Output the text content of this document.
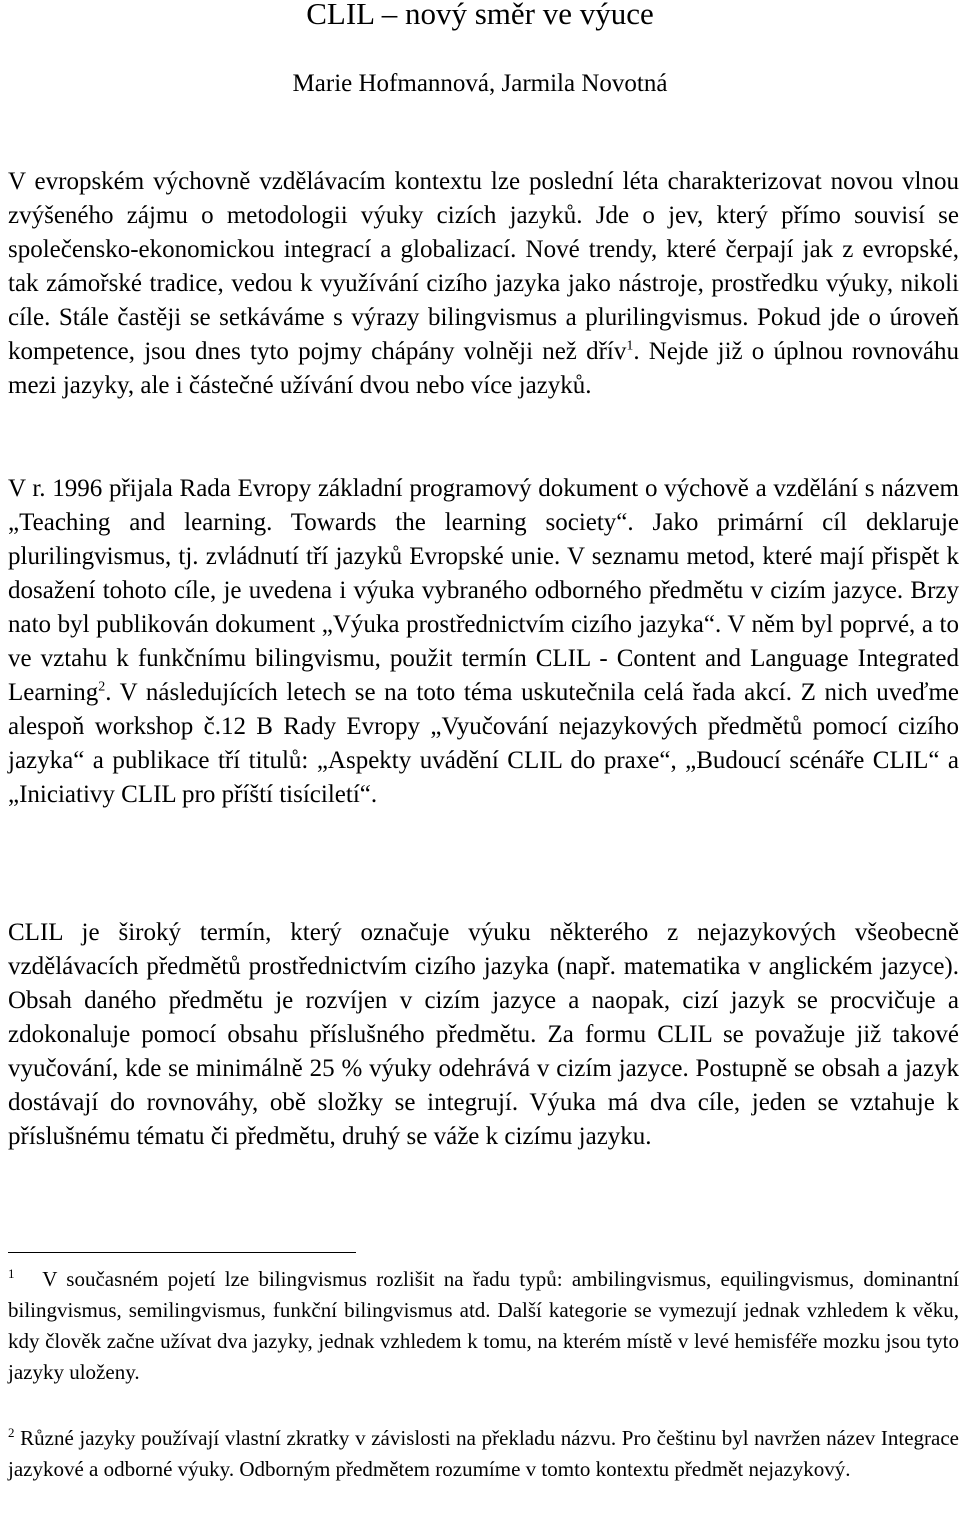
CLIL – nový směr ve výuce

Marie Hofmannová, Jarmila Novotná

V evropském výchovně vzdělávacím kontextu lze poslední léta charakterizovat novou vlnou zvýšeného zájmu o metodologii výuky cizích jazyků. Jde o jev, který přímo souvisí se společensko-ekonomickou integrací a globalizací. Nové trendy, které čerpají jak z evropské, tak zámořské tradice, vedou k využívání cizího jazyka jako nástroje, prostředku výuky, nikoli cíle. Stále častěji se setkáváme s výrazy bilingvismus a plurilingvismus. Pokud jde o úroveň kompetence, jsou dnes tyto pojmy chápány volněji než dřív$^1$. Nejde již o úplnou rovnováhu mezi jazyky, ale i částečné užívání dvou nebo více jazyků.

V r. 1996 přijala Rada Evropy základní programový dokument o výchově a vzdělání s názvem „Teaching and learning. Towards the learning society“. Jako primární cíl deklaruje plurilingvismus, tj. zvládnutí tří jazyků Evropské unie. V seznamu metod, které mají přispět k dosažení tohoto cíle, je uvedena i výuka vybraného odborného předmětu v cizím jazyce. Brzy nato byl publikován dokument „Výuka prostřednictvím cizího jazyka“. V něm byl poprvé, a to ve vztahu k funkčnímu bilingvismu, použit termín CLIL - Content and Language Integrated Learning$^2$. V následujících letech se na toto téma uskutečnila celá řada akcí. Z nich uveďme alespoň workshop č.12 B Rady Evropy „Vyučování nejazykových předmětů pomocí cizího jazyka“ a publikace tří titulů: „Aspekty uvádění CLIL do praxe“, „Budoucí scénáře CLIL“ a „Iniciativy CLIL pro příští tisíciletí“.

CLIL je široký termín, který označuje výuku některého z nejazykových všeobecně vzdělávacích předmětů prostřednictvím cizího jazyka (např. matematika v anglickém jazyce). Obsah daného předmětu je rozvíjen v cizím jazyce a naopak, cizí jazyk se procvičuje a zdokonaluje pomocí obsahu příslušného předmětu. Za formu CLIL se považuje již takové vyučování, kde se minimálně 25 % výuky odehrává v cizím jazyce. Postupně se obsah a jazyk dostávají do rovnováhy, obě složky se integrují. Výuka má dva cíle, jeden se vztahuje k příslušnému tématu či předmětu, druhý se váže k cizímu jazyku.

$^1$ V současném pojetí lze bilingvismus rozlišit na řadu typů: ambilingvismus, equilingvismus, dominantní bilingvismus, semilingvismus, funkční bilingvismus atd. Další kategorie se vymezují jednak vzhledem k věku, kdy člověk začne užívat dva jazyky, jednak vzhledem k tomu, na kterém místě v levé hemisféře mozku jsou tyto jazyky uloženy.

$^2$ Různé jazyky používají vlastní zkratky v závislosti na překladu názvu. Pro češtinu byl navržen název Integrace jazykové a odborné výuky. Odborným předmětem rozumíme v tomto kontextu předmět nejazykový.
